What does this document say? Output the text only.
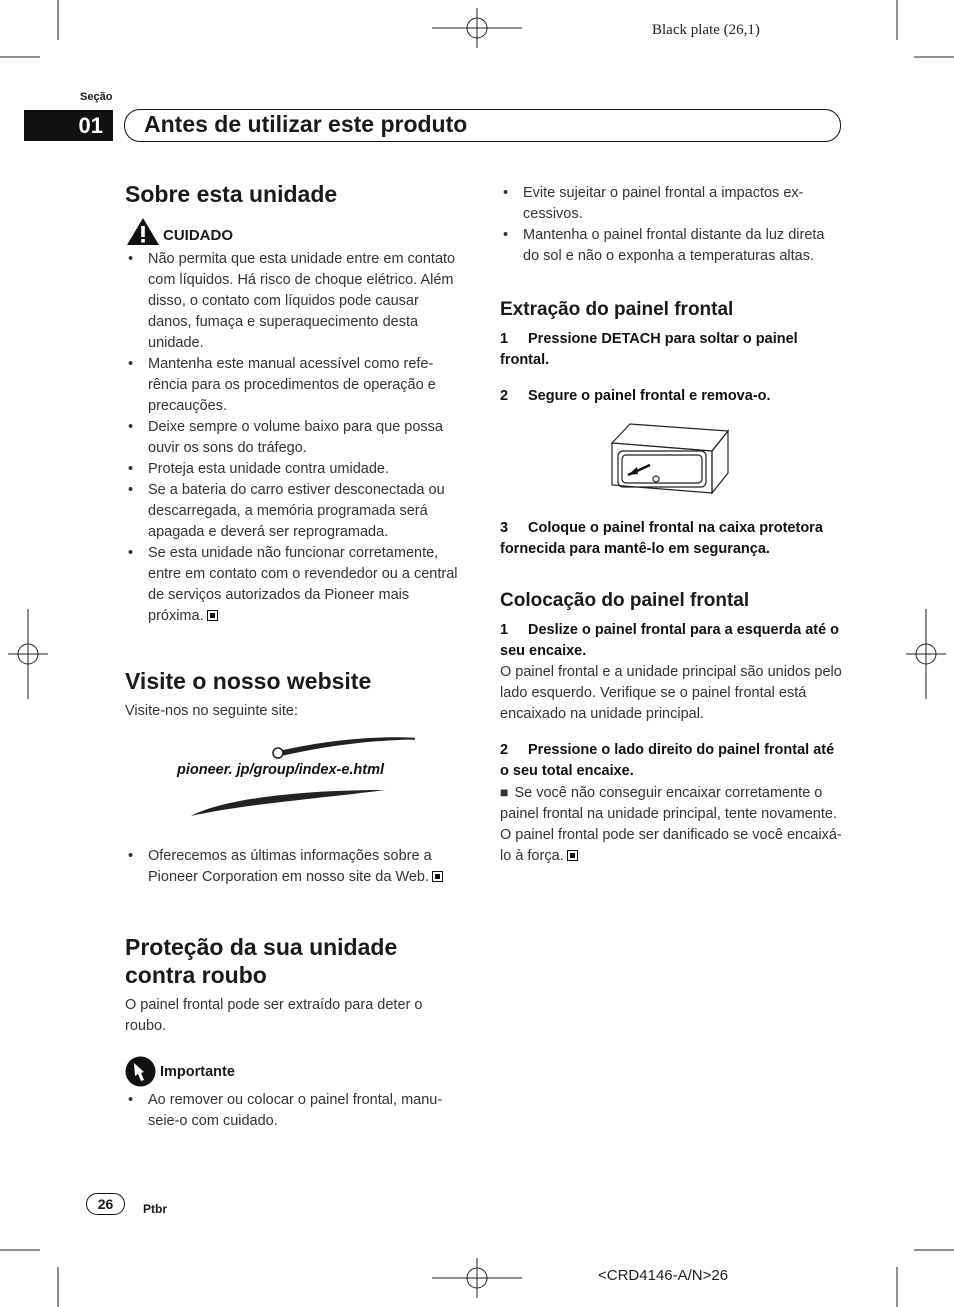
Black plate (26,1)
Seção
01	Antes de utilizar este produto
Sobre esta unidade
CUIDADO
• Não permita que esta unidade entre em contato com líquidos. Há risco de choque elétrico. Além disso, o contato com líquidos pode causar danos, fumaça e superaquecimento desta unidade.
• Mantenha este manual acessível como referência para os procedimentos de operação e precauções.
• Deixe sempre o volume baixo para que possa ouvir os sons do tráfego.
• Proteja esta unidade contra umidade.
• Se a bateria do carro estiver desconectada ou descarregada, a memória programada será apagada e deverá ser reprogramada.
• Se esta unidade não funcionar corretamente, entre em contato com o revendedor ou a central de serviços autorizados da Pioneer mais próxima.
Visite o nosso website
Visite-nos no seguinte site:
pioneer. jp/group/index-e.html
• Oferecemos as últimas informações sobre a Pioneer Corporation em nosso site da Web.
Proteção da sua unidade
contra roubo
O painel frontal pode ser extraído para deter o roubo.
Importante
• Ao remover ou colocar o painel frontal, manuseie-o com cuidado.
• Evite sujeitar o painel frontal a impactos excessivos.
• Mantenha o painel frontal distante da luz direta do sol e não o exponha a temperaturas altas.
Extração do painel frontal
1 Pressione DETACH para soltar o painel frontal.
2 Segure o painel frontal e remova-o.
3 Coloque o painel frontal na caixa protetora fornecida para mantê-lo em segurança.
Colocação do painel frontal
1 Deslize o painel frontal para a esquerda até o seu encaixe.
O painel frontal e a unidade principal são unidos pelo lado esquerdo. Verifique se o painel frontal está encaixado na unidade principal.
2 Pressione o lado direito do painel frontal até o seu total encaixe.
■ Se você não conseguir encaixar corretamente o painel frontal na unidade principal, tente novamente. O painel frontal pode ser danificado se você encaixá-lo à força.
26	Ptbr
<CRD4146-A/N>26
